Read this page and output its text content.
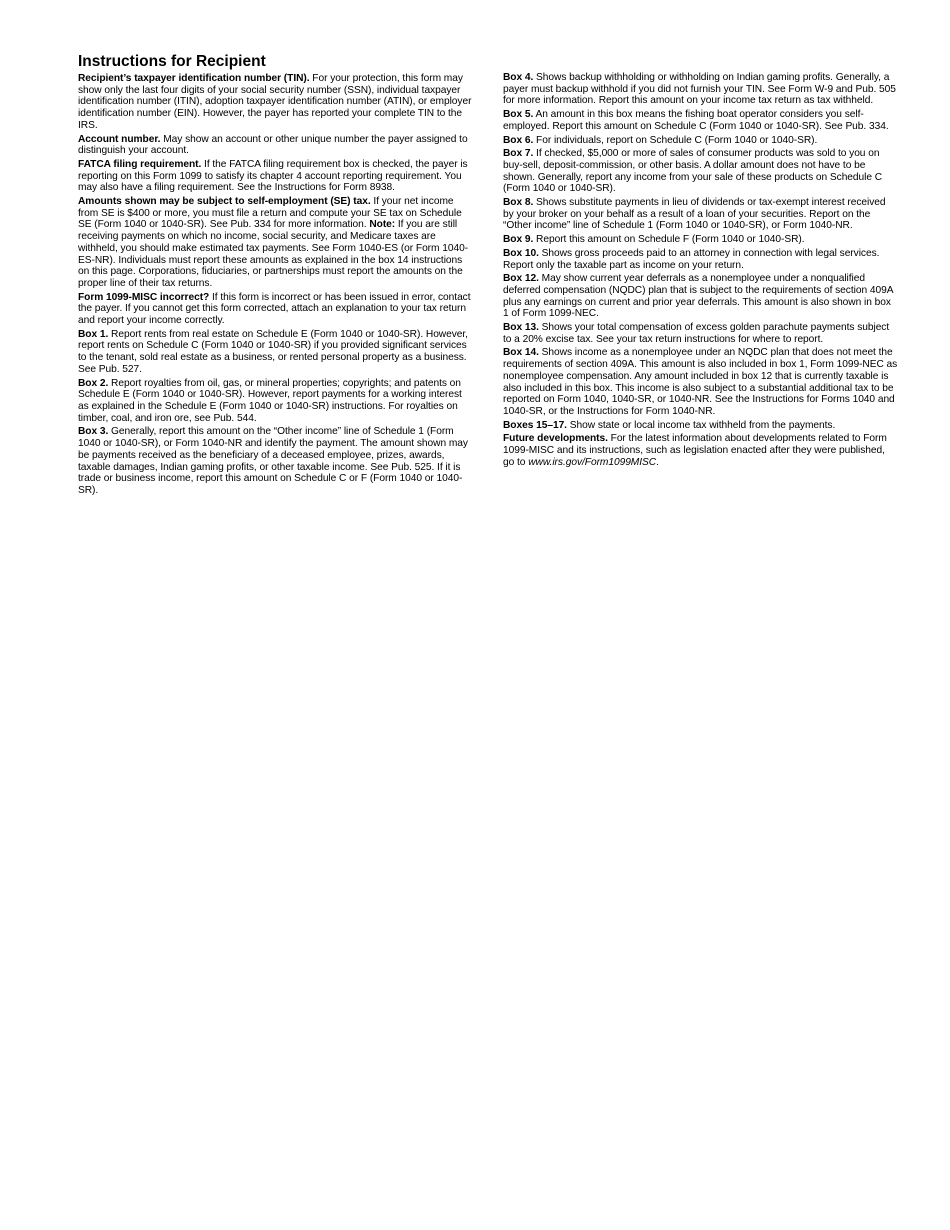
Instructions for Recipient

Recipient’s taxpayer identification number (TIN). For your protection, this form may show only the last four digits of your social security number (SSN), individual taxpayer identification number (ITIN), adoption taxpayer identification number (ATIN), or employer identification number (EIN). However, the payer has reported your complete TIN to the IRS.

Account number. May show an account or other unique number the payer assigned to distinguish your account.

FATCA filing requirement. If the FATCA filing requirement box is checked, the payer is reporting on this Form 1099 to satisfy its chapter 4 account reporting requirement. You may also have a filing requirement. See the Instructions for Form 8938.

Amounts shown may be subject to self-employment (SE) tax. If your net income from SE is $400 or more, you must file a return and compute your SE tax on Schedule SE (Form 1040 or 1040-SR). See Pub. 334 for more information. Note: If you are still receiving payments on which no income, social security, and Medicare taxes are withheld, you should make estimated tax payments. See Form 1040-ES (or Form 1040-ES-NR). Individuals must report these amounts as explained in the box 14 instructions on this page. Corporations, fiduciaries, or partnerships must report the amounts on the proper line of their tax returns.

Form 1099-MISC incorrect? If this form is incorrect or has been issued in error, contact the payer. If you cannot get this form corrected, attach an explanation to your tax return and report your income correctly.

Box 1. Report rents from real estate on Schedule E (Form 1040 or 1040-SR). However, report rents on Schedule C (Form 1040 or 1040-SR) if you provided significant services to the tenant, sold real estate as a business, or rented personal property as a business. See Pub. 527.

Box 2. Report royalties from oil, gas, or mineral properties; copyrights; and patents on Schedule E (Form 1040 or 1040-SR). However, report payments for a working interest as explained in the Schedule E (Form 1040 or 1040-SR) instructions. For royalties on timber, coal, and iron ore, see Pub. 544.

Box 3. Generally, report this amount on the “Other income” line of Schedule 1 (Form 1040 or 1040-SR), or Form 1040-NR and identify the payment. The amount shown may be payments received as the beneficiary of a deceased employee, prizes, awards, taxable damages, Indian gaming profits, or other taxable income. See Pub. 525. If it is trade or business income, report this amount on Schedule C or F (Form 1040 or 1040-SR).

Box 4. Shows backup withholding or withholding on Indian gaming profits. Generally, a payer must backup withhold if you did not furnish your TIN. See Form W-9 and Pub. 505 for more information. Report this amount on your income tax return as tax withheld.

Box 5. An amount in this box means the fishing boat operator considers you self-employed. Report this amount on Schedule C (Form 1040 or 1040-SR). See Pub. 334.

Box 6. For individuals, report on Schedule C (Form 1040 or 1040-SR).

Box 7. If checked, $5,000 or more of sales of consumer products was sold to you on buy-sell, deposit-commission, or other basis. A dollar amount does not have to be shown. Generally, report any income from your sale of these products on Schedule C (Form 1040 or 1040-SR).

Box 8. Shows substitute payments in lieu of dividends or tax-exempt interest received by your broker on your behalf as a result of a loan of your securities. Report on the “Other income” line of Schedule 1 (Form 1040 or 1040-SR), or Form 1040-NR.

Box 9. Report this amount on Schedule F (Form 1040 or 1040-SR).

Box 10. Shows gross proceeds paid to an attorney in connection with legal services. Report only the taxable part as income on your return.

Box 12. May show current year deferrals as a nonemployee under a nonqualified deferred compensation (NQDC) plan that is subject to the requirements of section 409A plus any earnings on current and prior year deferrals. This amount is also shown in box 1 of Form 1099-NEC.

Box 13. Shows your total compensation of excess golden parachute payments subject to a 20% excise tax. See your tax return instructions for where to report.

Box 14. Shows income as a nonemployee under an NQDC plan that does not meet the requirements of section 409A. This amount is also included in box 1, Form 1099-NEC as nonemployee compensation. Any amount included in box 12 that is currently taxable is also included in this box. This income is also subject to a substantial additional tax to be reported on Form 1040, 1040-SR, or 1040-NR. See the Instructions for Forms 1040 and 1040-SR, or the Instructions for Form 1040-NR.

Boxes 15–17. Show state or local income tax withheld from the payments.

Future developments. For the latest information about developments related to Form 1099-MISC and its instructions, such as legislation enacted after they were published, go to www.irs.gov/Form1099MISC.
